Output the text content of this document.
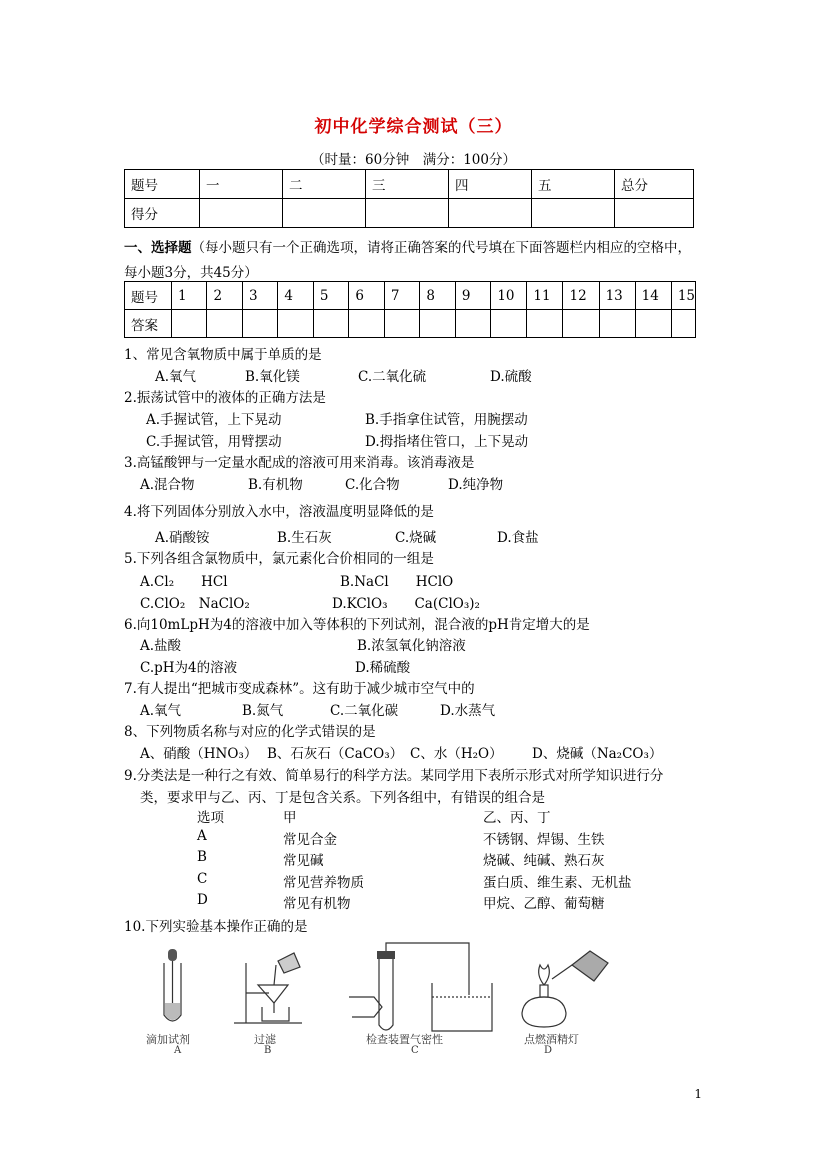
初中化学综合测试（三）
（时量：60分钟　满分：100分）
题号	一	二	三	四	五	总分
得分						
一、选择题（每小题只有一个正确选项，请将正确答案的代号填在下面答题栏内相应的空格中，每小题3分，共45分）
题号	1	2	3	4	5	6	7	8	9	10	11	12	13	14	15
答案															
1、常见含氧物质中属于单质的是
A.氧气	B.氧化镁	C.二氧化硫	D.硫酸
2.振荡试管中的液体的正确方法是
A.手握试管，上下晃动	B.手指拿住试管，用腕摆动
C.手握试管，用臂摆动	D.拇指堵住管口，上下晃动
3.高锰酸钾与一定量水配成的溶液可用来消毒。该消毒液是
A.混合物	B.有机物	C.化合物	D.纯净物
4.将下列固体分别放入水中，溶液温度明显降低的是
A.硝酸铵	B.生石灰	C.烧碱	D.食盐
5.下列各组含氯物质中，氯元素化合价相同的一组是
A.Cl₂　　HCl	B.NaCl　　HClO
C.ClO₂　NaClO₂	D.KClO₃　　Ca(ClO₃)₂
6.向10mLpH为4的溶液中加入等体积的下列试剂，混合液的pH肯定增大的是
A.盐酸	B.浓氢氧化钠溶液
C.pH为4的溶液	D.稀硫酸
7.有人提出“把城市变成森林”。这有助于减少城市空气中的
A.氧气	B.氮气	C.二氧化碳	D.水蒸气
8、下列物质名称与对应的化学式错误的是
A、硝酸（HNO₃） B、石灰石（CaCO₃） C、水（H₂O） D、烧碱（Na₂CO₃）
9.分类法是一种行之有效、简单易行的科学方法。某同学用下表所示形式对所学知识进行分
类，要求甲与乙、丙、丁是包含关系。下列各组中，有错误的组合是
选项	甲	乙、丙、丁
A	常见合金	不锈钢、焊锡、生铁
B	常见碱	烧碱、纯碱、熟石灰
C	常见营养物质	蛋白质、维生素、无机盐
D	常见有机物	甲烷、乙醇、葡萄糖
10.下列实验基本操作正确的是
滴加试剂	过滤	检查装置气密性	点燃酒精灯
A	B	C	D
1
